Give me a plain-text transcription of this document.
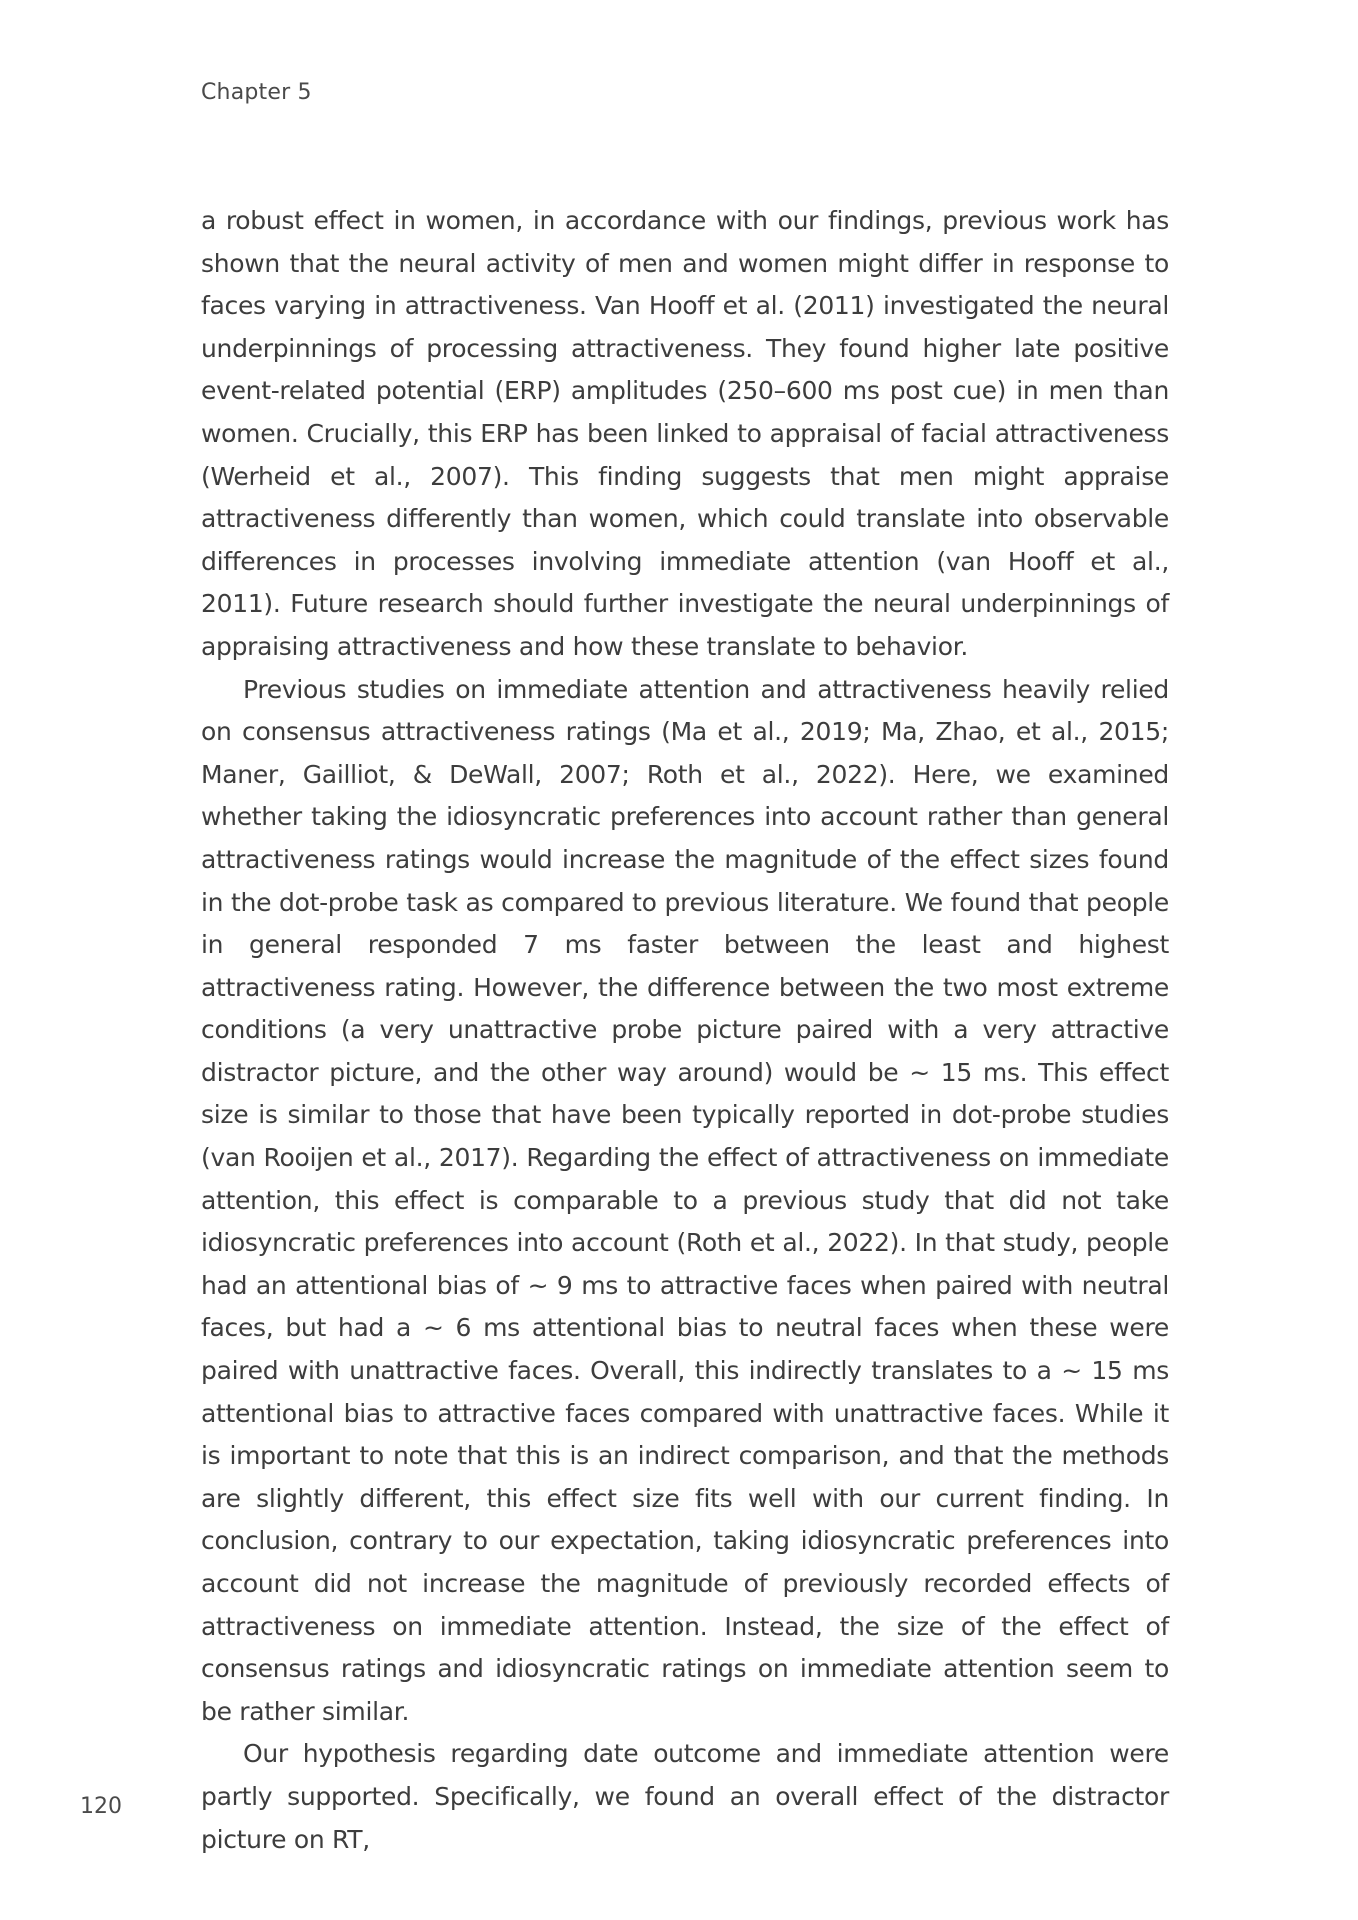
Chapter 5

a robust effect in women, in accordance with our findings, previous work has shown that the neural activity of men and women might differ in response to faces varying in attractiveness. Van Hooff et al. (2011) investigated the neural underpinnings of processing attractiveness. They found higher late positive event-related potential (ERP) amplitudes (250–600 ms post cue) in men than women. Crucially, this ERP has been linked to appraisal of facial attractiveness (Werheid et al., 2007). This finding suggests that men might appraise attractiveness differently than women, which could translate into observable differences in processes involving immediate attention (van Hooff et al., 2011). Future research should further investigate the neural underpinnings of appraising attractiveness and how these translate to behavior.

Previous studies on immediate attention and attractiveness heavily relied on consensus attractiveness ratings (Ma et al., 2019; Ma, Zhao, et al., 2015; Maner, Gailliot, & DeWall, 2007; Roth et al., 2022). Here, we examined whether taking the idiosyncratic preferences into account rather than general attractiveness ratings would increase the magnitude of the effect sizes found in the dot-probe task as compared to previous literature. We found that people in general responded 7 ms faster between the least and highest attractiveness rating. However, the difference between the two most extreme conditions (a very unattractive probe picture paired with a very attractive distractor picture, and the other way around) would be ~ 15 ms. This effect size is similar to those that have been typically reported in dot-probe studies (van Rooijen et al., 2017). Regarding the effect of attractiveness on immediate attention, this effect is comparable to a previous study that did not take idiosyncratic preferences into account (Roth et al., 2022). In that study, people had an attentional bias of ~ 9 ms to attractive faces when paired with neutral faces, but had a ~ 6 ms attentional bias to neutral faces when these were paired with unattractive faces. Overall, this indirectly translates to a ~ 15 ms attentional bias to attractive faces compared with unattractive faces. While it is important to note that this is an indirect comparison, and that the methods are slightly different, this effect size fits well with our current finding. In conclusion, contrary to our expectation, taking idiosyncratic preferences into account did not increase the magnitude of previously recorded effects of attractiveness on immediate attention. Instead, the size of the effect of consensus ratings and idiosyncratic ratings on immediate attention seem to be rather similar.

Our hypothesis regarding date outcome and immediate attention were partly supported. Specifically, we found an overall effect of the distractor picture on RT,

120
